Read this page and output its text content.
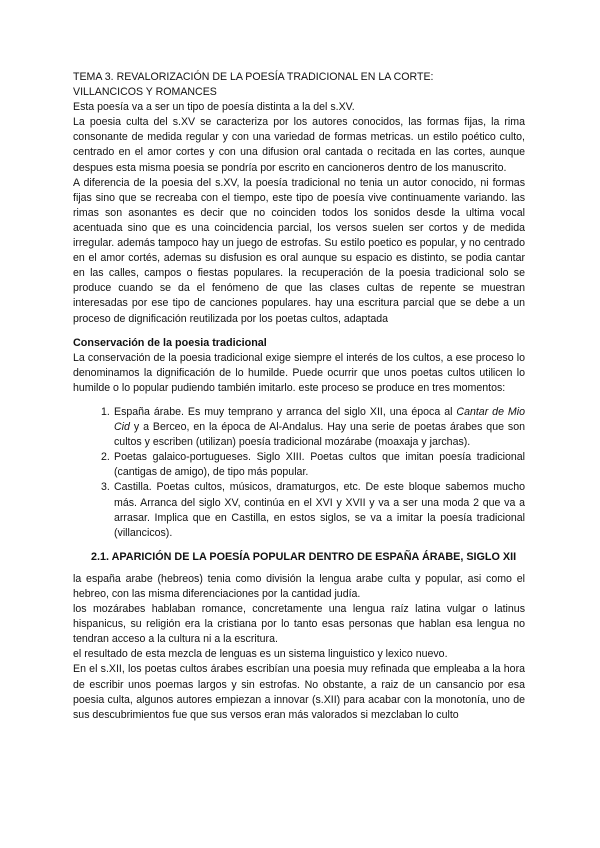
TEMA 3. REVALORIZACIÓN DE LA POESÍA TRADICIONAL EN LA CORTE:
VILLANCICOS Y ROMANCES

Esta poesía va a ser un tipo de poesía distinta a la del s.XV.

La poesia culta del s.XV se caracteriza por los autores conocidos, las formas fijas, la rima consonante de medida regular y con una variedad de formas metricas. un estilo poético culto, centrado en el amor cortes y con una difusion oral cantada o recitada en las cortes, aunque despues esta misma poesia se pondría por escrito en cancioneros dentro de los manuscrito.

A diferencia de la poesia del s.XV, la poesía tradicional no tenia un autor conocido, ni formas fijas sino que se recreaba con el tiempo, este tipo de poesía vive continuamente variando. las rimas son asonantes es decir que no coinciden todos los sonidos desde la ultima vocal acentuada sino que es una coincidencia parcial, los versos suelen ser cortos y de medida irregular. además tampoco hay un juego de estrofas. Su estilo poetico es popular, y no centrado en el amor cortés, ademas su disfusion es oral aunque su espacio es distinto, se podia cantar en las calles, campos o fiestas populares. la recuperación de la poesia tradicional solo se produce cuando se da el fenómeno de que las clases cultas de repente se muestran interesadas por ese tipo de canciones populares. hay una escritura parcial que se debe a un proceso de dignificación reutilizada por los poetas cultos, adaptada

Conservación de la poesia tradicional

La conservación de la poesia tradicional exige siempre el interés de los cultos, a ese proceso lo denominamos la dignificación de lo humilde. Puede ocurrir que unos poetas cultos utilicen lo humilde o lo popular pudiendo también imitarlo. este proceso se produce en tres momentos:

1. España árabe. Es muy temprano y arranca del siglo XII, una época al Cantar de Mio Cid y a Berceo, en la época de Al-Andalus. Hay una serie de poetas árabes que son cultos y escriben (utilizan) poesía tradicional mozárabe (moaxaja y jarchas).
2. Poetas galaico-portugueses. Siglo XIII. Poetas cultos que imitan poesía tradicional (cantigas de amigo), de tipo más popular.
3. Castilla. Poetas cultos, músicos, dramaturgos, etc. De este bloque sabemos mucho más. Arranca del siglo XV, continúa en el XVI y XVII y va a ser una moda 2 que va a arrasar. Implica que en Castilla, en estos siglos, se va a imitar la poesía tradicional (villancicos).
2.1. APARICIÓN DE LA POESÍA POPULAR DENTRO DE ESPAÑA ÁRABE, SIGLO XII

la españa arabe (hebreos) tenia como división la lengua arabe culta y popular, asi como el hebreo, con las misma diferenciaciones por la cantidad judía.

los mozárabes hablaban romance, concretamente una lengua raíz latina vulgar o latinus hispanicus, su religión era la cristiana por lo tanto esas personas que hablan esa lengua no tendran acceso a la cultura ni a la escritura.

el resultado de esta mezcla de lenguas es un sistema linguistico y lexico nuevo.

En el s.XII, los poetas cultos árabes escribían una poesia muy refinada que empleaba a la hora de escribir unos poemas largos y sin estrofas. No obstante, a raiz de un cansancio por esa poesia culta, algunos autores empiezan a innovar (s.XII) para acabar con la monotonía, uno de sus descubrimientos fue que sus versos eran más valorados si mezclaban lo culto
